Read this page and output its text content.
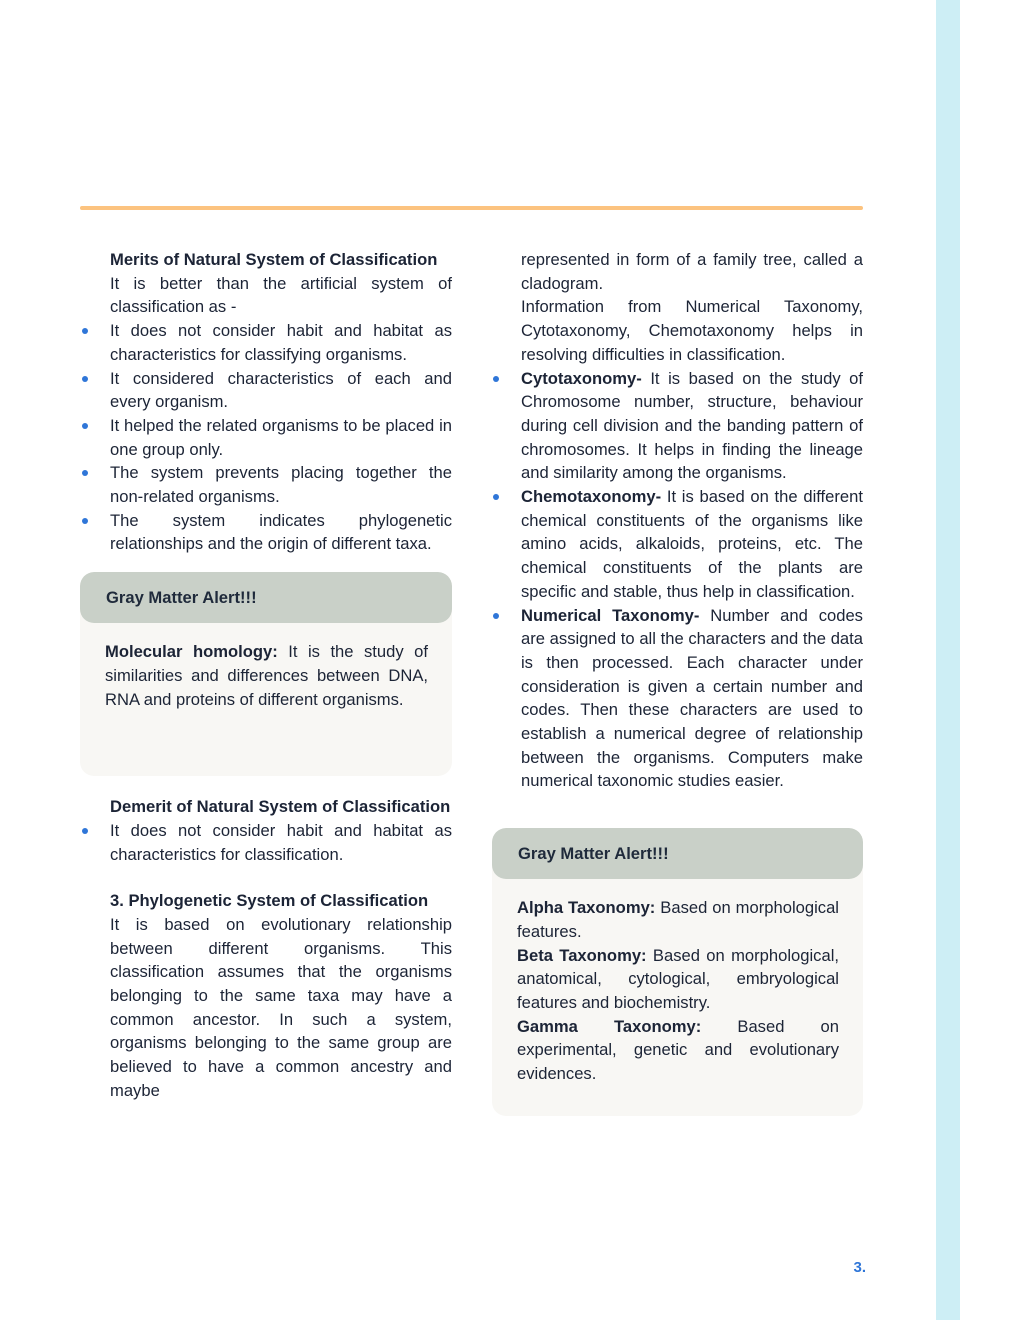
Merits of Natural System of Classification
It is better than the artificial system of classification as -
It does not consider habit and habitat as characteristics for classifying organisms.
It considered characteristics of each and every organism.
It helped the related organisms to be placed in one group only.
The system prevents placing together the non-related organisms.
The system indicates phylogenetic relationships and the origin of different taxa.
Gray Matter Alert!!!
Molecular homology: It is the study of similarities and differences between DNA, RNA and proteins of different organisms.
Demerit of Natural System of Classification
It does not consider habit and habitat as characteristics for classification.
3. Phylogenetic System of Classification
It is based on evolutionary relationship between different organisms. This classification assumes that the organisms belonging to the same taxa may have a common ancestor. In such a system, organisms belonging to the same group are believed to have a common ancestry and maybe
represented in form of a family tree, called a cladogram.
Information from Numerical Taxonomy, Cytotaxonomy, Chemotaxonomy helps in resolving difficulties in classification.
Cytotaxonomy- It is based on the study of Chromosome number, structure, behaviour during cell division and the banding pattern of chromosomes. It helps in finding the lineage and similarity among the organisms.
Chemotaxonomy- It is based on the different chemical constituents of the organisms like amino acids, alkaloids, proteins, etc. The chemical constituents of the plants are specific and stable, thus help in classification.
Numerical Taxonomy- Number and codes are assigned to all the characters and the data is then processed. Each character under consideration is given a certain number and codes. Then these characters are used to establish a numerical degree of relationship between the organisms. Computers make numerical taxonomic studies easier.
Gray Matter Alert!!!
Alpha Taxonomy: Based on morphological features.
Beta Taxonomy: Based on morphological, anatomical, cytological, embryological features and biochemistry.
Gamma Taxonomy: Based on experimental, genetic and evolutionary evidences.
3.
